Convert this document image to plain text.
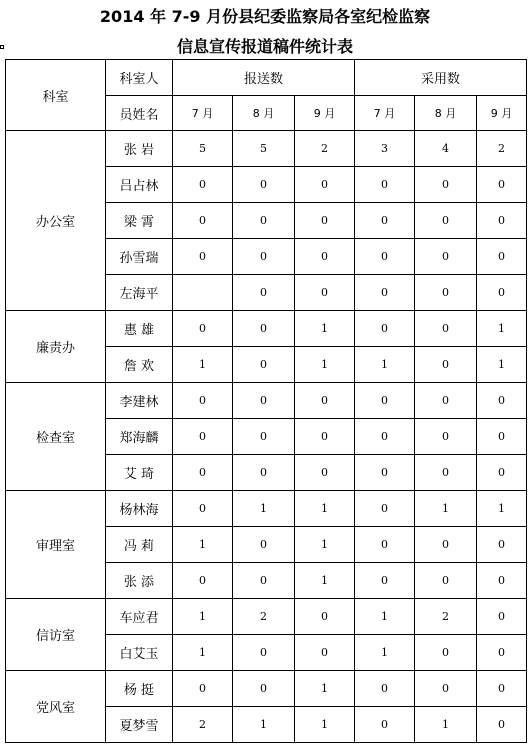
2014 年 7-9 月份县纪委监察局各室纪检监察
信息宣传报道稿件统计表
科室	科室人	报送数			采用数		
	员姓名	7 月	8 月	9 月	7 月	8 月	9 月
办公室	张 岩	5	5	2	3	4	2
	吕占林	0	0	0	0	0	0
	梁 霄	0	0	0	0	0	0
	孙雪瑞	0	0	0	0	0	0
	左海平		0	0	0	0	0
廉责办	惠 雄	0	0	1	0	0	1
	詹 欢	1	0	1	1	0	1
检查室	李建林	0	0	0	0	0	0
	郑海麟	0	0	0	0	0	0
	艾 琦	0	0	0	0	0	0
审理室	杨林海	0	1	1	0	1	1
	冯 莉	1	0	1	0	0	0
	张 添	0	0	1	0	0	0
信访室	车应君	1	2	0	1	2	0
	白艾玉	1	0	0	1	0	0
党风室	杨 挺	0	0	1	0	0	0
	夏梦雪	2	1	1	0	1	0
